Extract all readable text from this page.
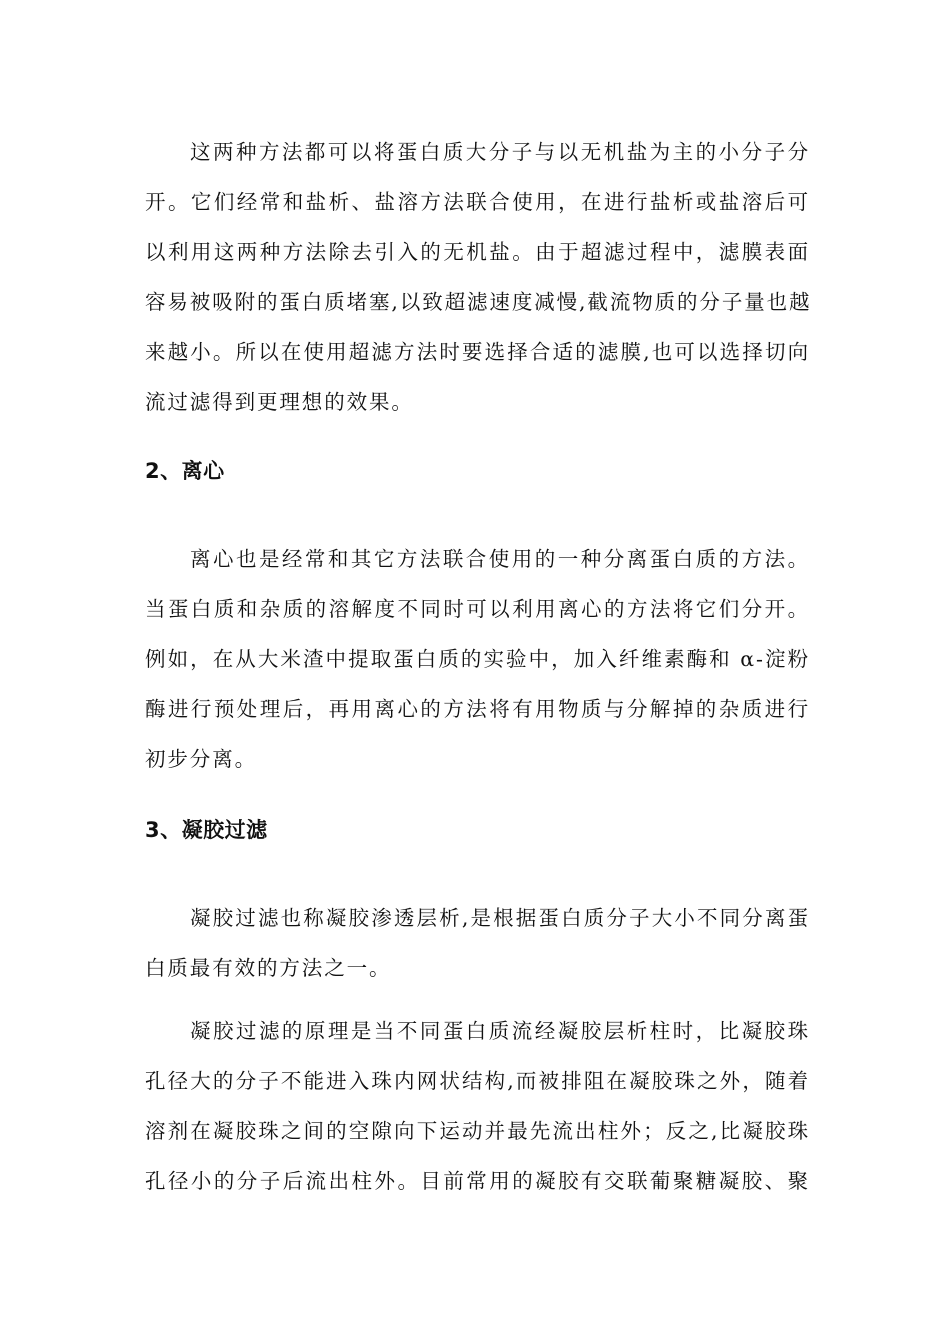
这两种方法都可以将蛋白质大分子与以无机盐为主的小分子分
开。它们经常和盐析、盐溶方法联合使用，在进行盐析或盐溶后可
以利用这两种方法除去引入的无机盐。由于超滤过程中，滤膜表面
容易被吸附的蛋白质堵塞,以致超滤速度减慢,截流物质的分子量也越
来越小。所以在使用超滤方法时要选择合适的滤膜,也可以选择切向
流过滤得到更理想的效果。
2、离心
离心也是经常和其它方法联合使用的一种分离蛋白质的方法。
当蛋白质和杂质的溶解度不同时可以利用离心的方法将它们分开。
例如，在从大米渣中提取蛋白质的实验中，加入纤维素酶和 α-淀粉
酶进行预处理后，再用离心的方法将有用物质与分解掉的杂质进行
初步分离。
3、凝胶过滤
凝胶过滤也称凝胶渗透层析,是根据蛋白质分子大小不同分离蛋
白质最有效的方法之一。
凝胶过滤的原理是当不同蛋白质流经凝胶层析柱时，比凝胶珠
孔径大的分子不能进入珠内网状结构,而被排阻在凝胶珠之外，随着
溶剂在凝胶珠之间的空隙向下运动并最先流出柱外；反之,比凝胶珠
孔径小的分子后流出柱外。目前常用的凝胶有交联葡聚糖凝胶、聚
